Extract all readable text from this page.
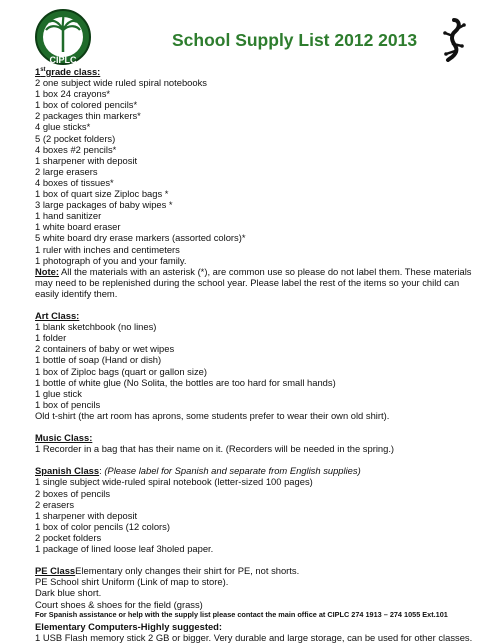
CIPLC
School Supply List 2012 2013
1stgrade class:
2 one subject wide ruled spiral notebooks
1 box 24 crayons*
1 box of colored pencils*
2 packages thin markers*
4 glue sticks*
5 (2 pocket folders)
4 boxes #2 pencils*
1 sharpener with deposit
2 large erasers
4 boxes of tissues*
1 box of quart size Ziploc bags *
3 large packages of baby wipes *
1 hand sanitizer
1 white board eraser
5 white board dry erase markers (assorted colors)*
1 ruler with inches and centimeters
1 photograph of you and your family.
Note: All the materials with an asterisk (*), are common use so please do not label them. These materials may need to be replenished during the school year. Please label the rest of the items so your child can easily identify them.
Art Class:
1 blank sketchbook (no lines)
1 folder
2 containers of baby or wet wipes
1 bottle of soap (Hand or dish)
1 box of Ziploc bags (quart or gallon size)
1 bottle of white glue (No Solita, the bottles are too hard for small hands)
1 glue stick
1 box of pencils
Old t-shirt (the art room has aprons, some students prefer to wear their own old shirt).
Music Class:
1 Recorder in a bag that has their name on it. (Recorders will be needed in the spring.)
Spanish Class: (Please label for Spanish and separate from English supplies)
1 single subject wide-ruled spiral notebook (letter-sized 100 pages)
2 boxes of pencils
2 erasers
1 sharpener with deposit
1 box of color pencils (12 colors)
2 pocket folders
1 package of lined loose leaf 3holed paper.
PE ClassElementary only changes their shirt for PE, not shorts.
PE School shirt Uniform (Link of map to store).
Dark blue short.
Court shoes & shoes for the field (grass)
Elementary Computers-Highly suggested:
1 USB Flash memory stick 2 GB or bigger. Very durable and large storage, can be used for other classes.
For Spanish assistance or help with the supply list please contact the main office at CIPLC 274 1913 – 274 1055 Ext.101
